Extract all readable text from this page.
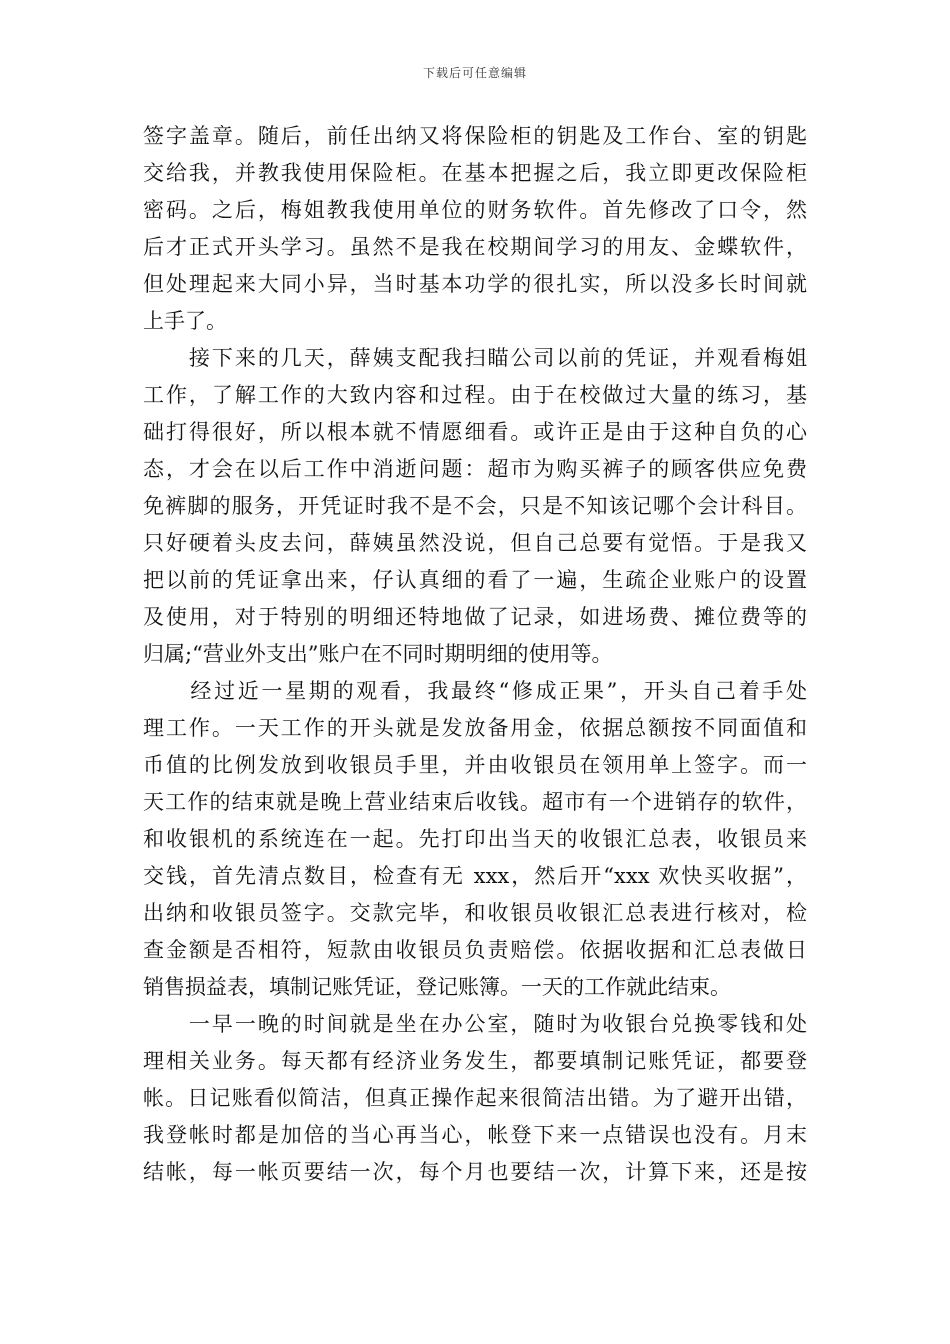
下载后可任意编辑
签字盖章。随后，前任出纳又将保险柜的钥匙及工作台、室的钥匙
交给我，并教我使用保险柜。在基本把握之后，我立即更改保险柜
密码。之后，梅姐教我使用单位的财务软件。首先修改了口令，然
后才正式开头学习。虽然不是我在校期间学习的用友、金蝶软件，
但处理起来大同小异，当时基本功学的很扎实，所以没多长时间就
上手了。
　　接下来的几天，薛姨支配我扫瞄公司以前的凭证，并观看梅姐
工作，了解工作的大致内容和过程。由于在校做过大量的练习，基
础打得很好，所以根本就不情愿细看。或许正是由于这种自负的心
态，才会在以后工作中消逝问题：超市为购买裤子的顾客供应免费
免裤脚的服务，开凭证时我不是不会，只是不知该记哪个会计科目。
只好硬着头皮去问，薛姨虽然没说，但自己总要有觉悟。于是我又
把以前的凭证拿出来，仔认真细的看了一遍，生疏企业账户的设置
及使用，对于特别的明细还特地做了记录，如进场费、摊位费等的
归属;“营业外支出”账户在不同时期明细的使用等。
　　经过近一星期的观看，我最终“修成正果”，开头自己着手处
理工作。一天工作的开头就是发放备用金，依据总额按不同面值和
币值的比例发放到收银员手里，并由收银员在领用单上签字。而一
天工作的结束就是晚上营业结束后收钱。超市有一个进销存的软件，
和收银机的系统连在一起。先打印出当天的收银汇总表，收银员来
交钱，首先清点数目，检查有无 xxx，然后开“xxx 欢快买收据”，
出纳和收银员签字。交款完毕，和收银员收银汇总表进行核对，检
查金额是否相符，短款由收银员负责赔偿。依据收据和汇总表做日
销售损益表，填制记账凭证，登记账簿。一天的工作就此结束。
　　一早一晚的时间就是坐在办公室，随时为收银台兑换零钱和处
理相关业务。每天都有经济业务发生，都要填制记账凭证，都要登
帐。日记账看似简洁，但真正操作起来很简洁出错。为了避开出错，
我登帐时都是加倍的当心再当心，帐登下来一点错误也没有。月末
结帐，每一帐页要结一次，每个月也要结一次，计算下来，还是按
